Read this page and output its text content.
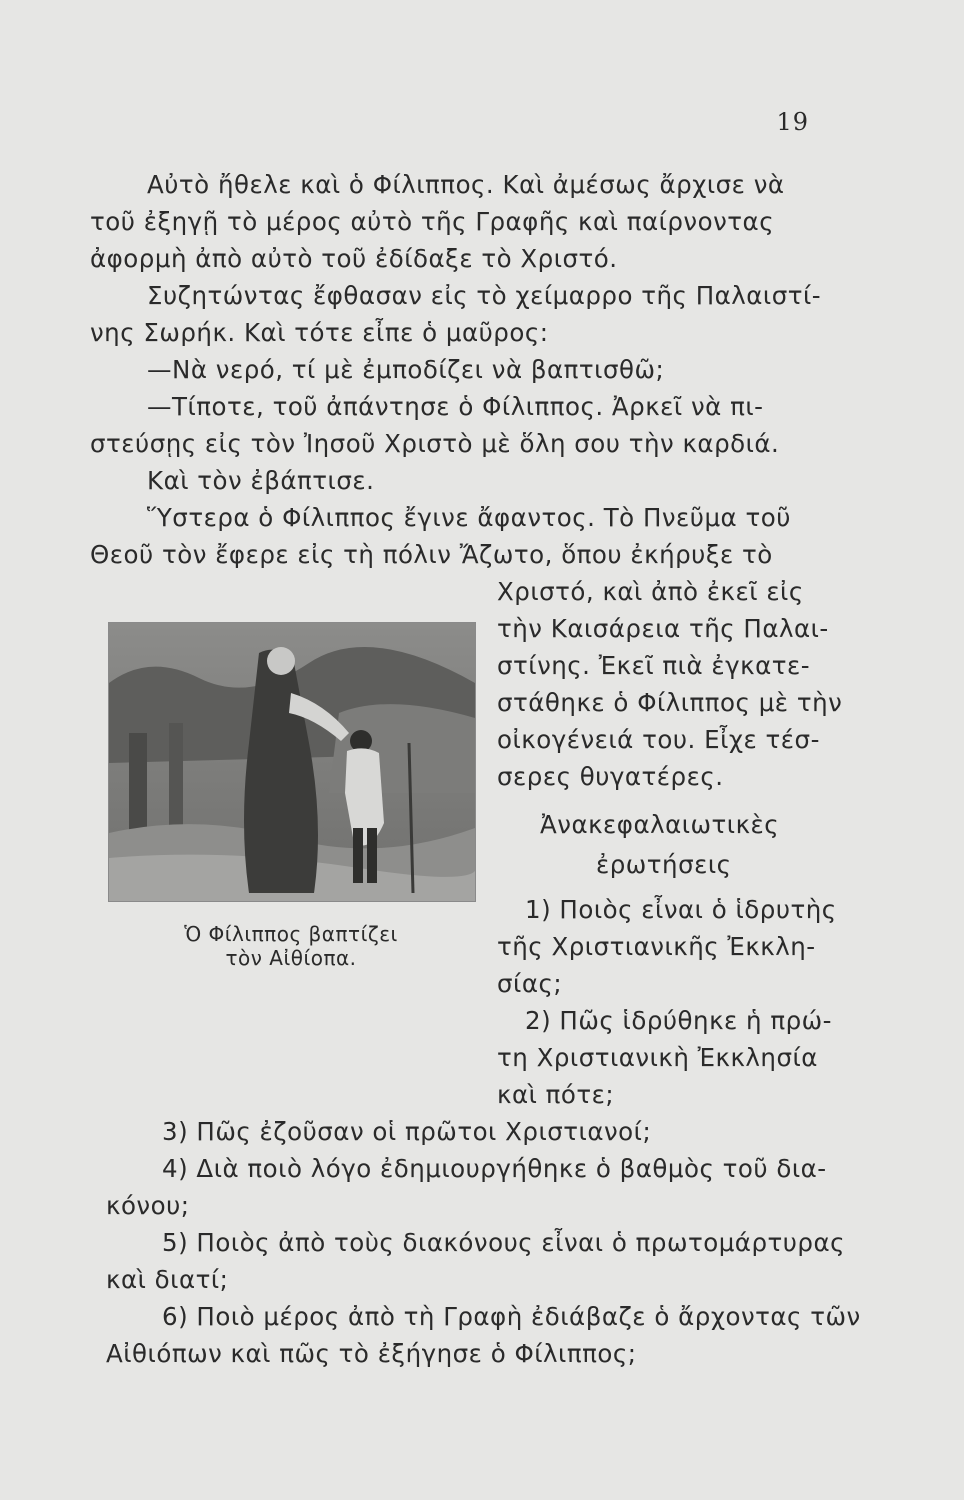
19
Αὐτὸ ἤθελε καὶ ὁ Φίλιππος. Καὶ ἀμέσως ἄρχισε νὰ
τοῦ ἐξηγῇ τὸ μέρος αὐτὸ τῆς Γραφῆς καὶ παίρνοντας
ἀφορμὴ ἀπὸ αὐτὸ τοῦ ἐδίδαξε τὸ Χριστό.
Συζητώντας ἔφθασαν εἰς τὸ χείμαρρο τῆς Παλαιστί-
νης Σωρήκ. Καὶ τότε εἶπε ὁ μαῦρος:
—Νὰ νερό, τί μὲ ἐμποδίζει νὰ βαπτισθῶ;
—Τίποτε, τοῦ ἀπάντησε ὁ Φίλιππος. Ἀρκεῖ νὰ πι-
στεύσῃς εἰς τὸν Ἰησοῦ Χριστὸ μὲ ὅλη σου τὴν καρδιά.
Καὶ τὸν ἐβάπτισε.
Ὕστερα ὁ Φίλιππος ἔγινε ἄφαντος. Τὸ Πνεῦμα τοῦ
Θεοῦ τὸν ἔφερε εἰς τὴ πόλιν Ἄζωτο, ὅπου ἐκήρυξε τὸ
Χριστό, καὶ ἀπὸ ἐκεῖ εἰς
τὴν Καισάρεια τῆς Παλαι-
στίνης. Ἐκεῖ πιὰ ἐγκατε-
στάθηκε ὁ Φίλιππος μὲ τὴν
οἰκογένειά του. Εἶχε τέσ-
σερες θυγατέρες.
Ἀνακεφαλαιωτικὲς
ἐρωτήσεις
1) Ποιὸς εἶναι ὁ ἱδρυτὴς
τῆς Χριστιανικῆς Ἐκκλη-
σίας;
2) Πῶς ἱδρύθηκε ἡ πρώ-
τη Χριστιανικὴ Ἐκκλησία
καὶ πότε;
Ὁ Φίλιππος βαπτίζει
τὸν Αἰθίοπα.
3) Πῶς ἐζοῦσαν οἱ πρῶτοι Χριστιανοί;
4) Διὰ ποιὸ λόγο ἐδημιουργήθηκε ὁ βαθμὸς τοῦ δια-
κόνου;
5) Ποιὸς ἀπὸ τοὺς διακόνους εἶναι ὁ πρωτομάρτυρας
καὶ διατί;
6) Ποιὸ μέρος ἀπὸ τὴ Γραφὴ ἐδιάβαζε ὁ ἄρχοντας τῶν
Αἰθιόπων καὶ πῶς τὸ ἐξήγησε ὁ Φίλιππος;
